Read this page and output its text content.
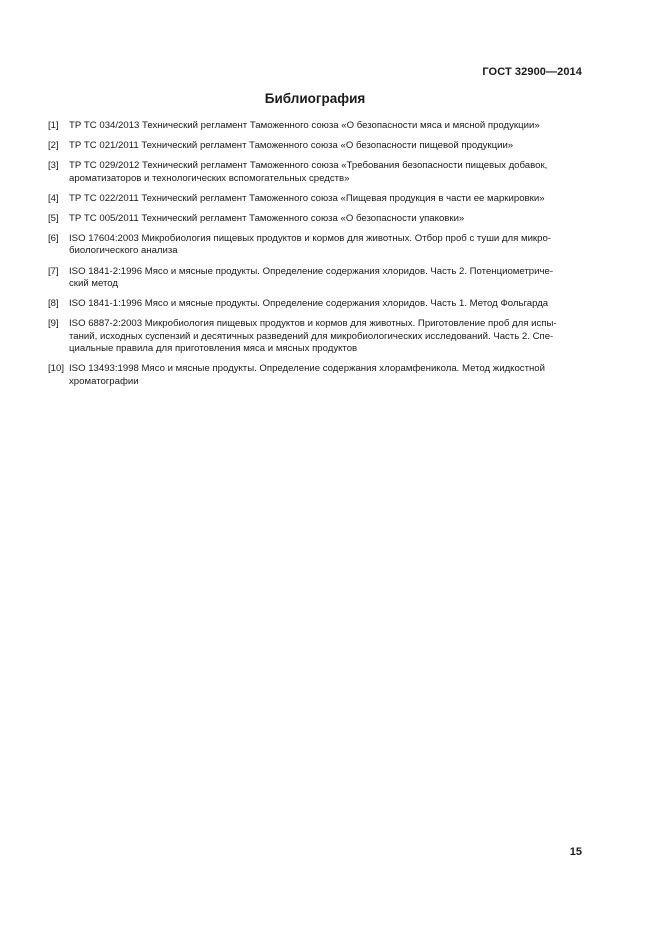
ГОСТ 32900—2014
Библиография
[1]	ТР ТС 034/2013 Технический регламент Таможенного союза «О безопасности мяса и мясной продукции»
[2]	ТР ТС 021/2011 Технический регламент Таможенного союза «О безопасности пищевой продукции»
[3]	ТР ТС 029/2012 Технический регламент Таможенного союза «Требования безопасности пищевых добавок,
ароматизаторов и технологических вспомогательных средств»
[4]	ТР ТС 022/2011 Технический регламент Таможенного союза «Пищевая продукция в части ее маркировки»
[5]	ТР ТС 005/2011 Технический регламент Таможенного союза «О безопасности упаковки»
[6]	ISO 17604:2003 Микробиология пищевых продуктов и кормов для животных. Отбор проб с туши для микро-
биологического анализа
[7]	ISO 1841-2:1996 Мясо и мясные продукты. Определение содержания хлоридов. Часть 2. Потенциометриче-
ский метод
[8]	ISO 1841-1:1996 Мясо и мясные продукты. Определение содержания хлоридов. Часть 1. Метод Фольгарда
[9]	ISO 6887-2:2003 Микробиология пищевых продуктов и кормов для животных. Приготовление проб для испы-
таний, исходных суспензий и десятичных разведений для микробиологических исследований. Часть 2. Спе-
циальные правила для приготовления мяса и мясных продуктов
[10] ISO 13493:1998 Мясо и мясные продукты. Определение содержания хлорамфеникола. Метод жидкостной
хроматографии
15
